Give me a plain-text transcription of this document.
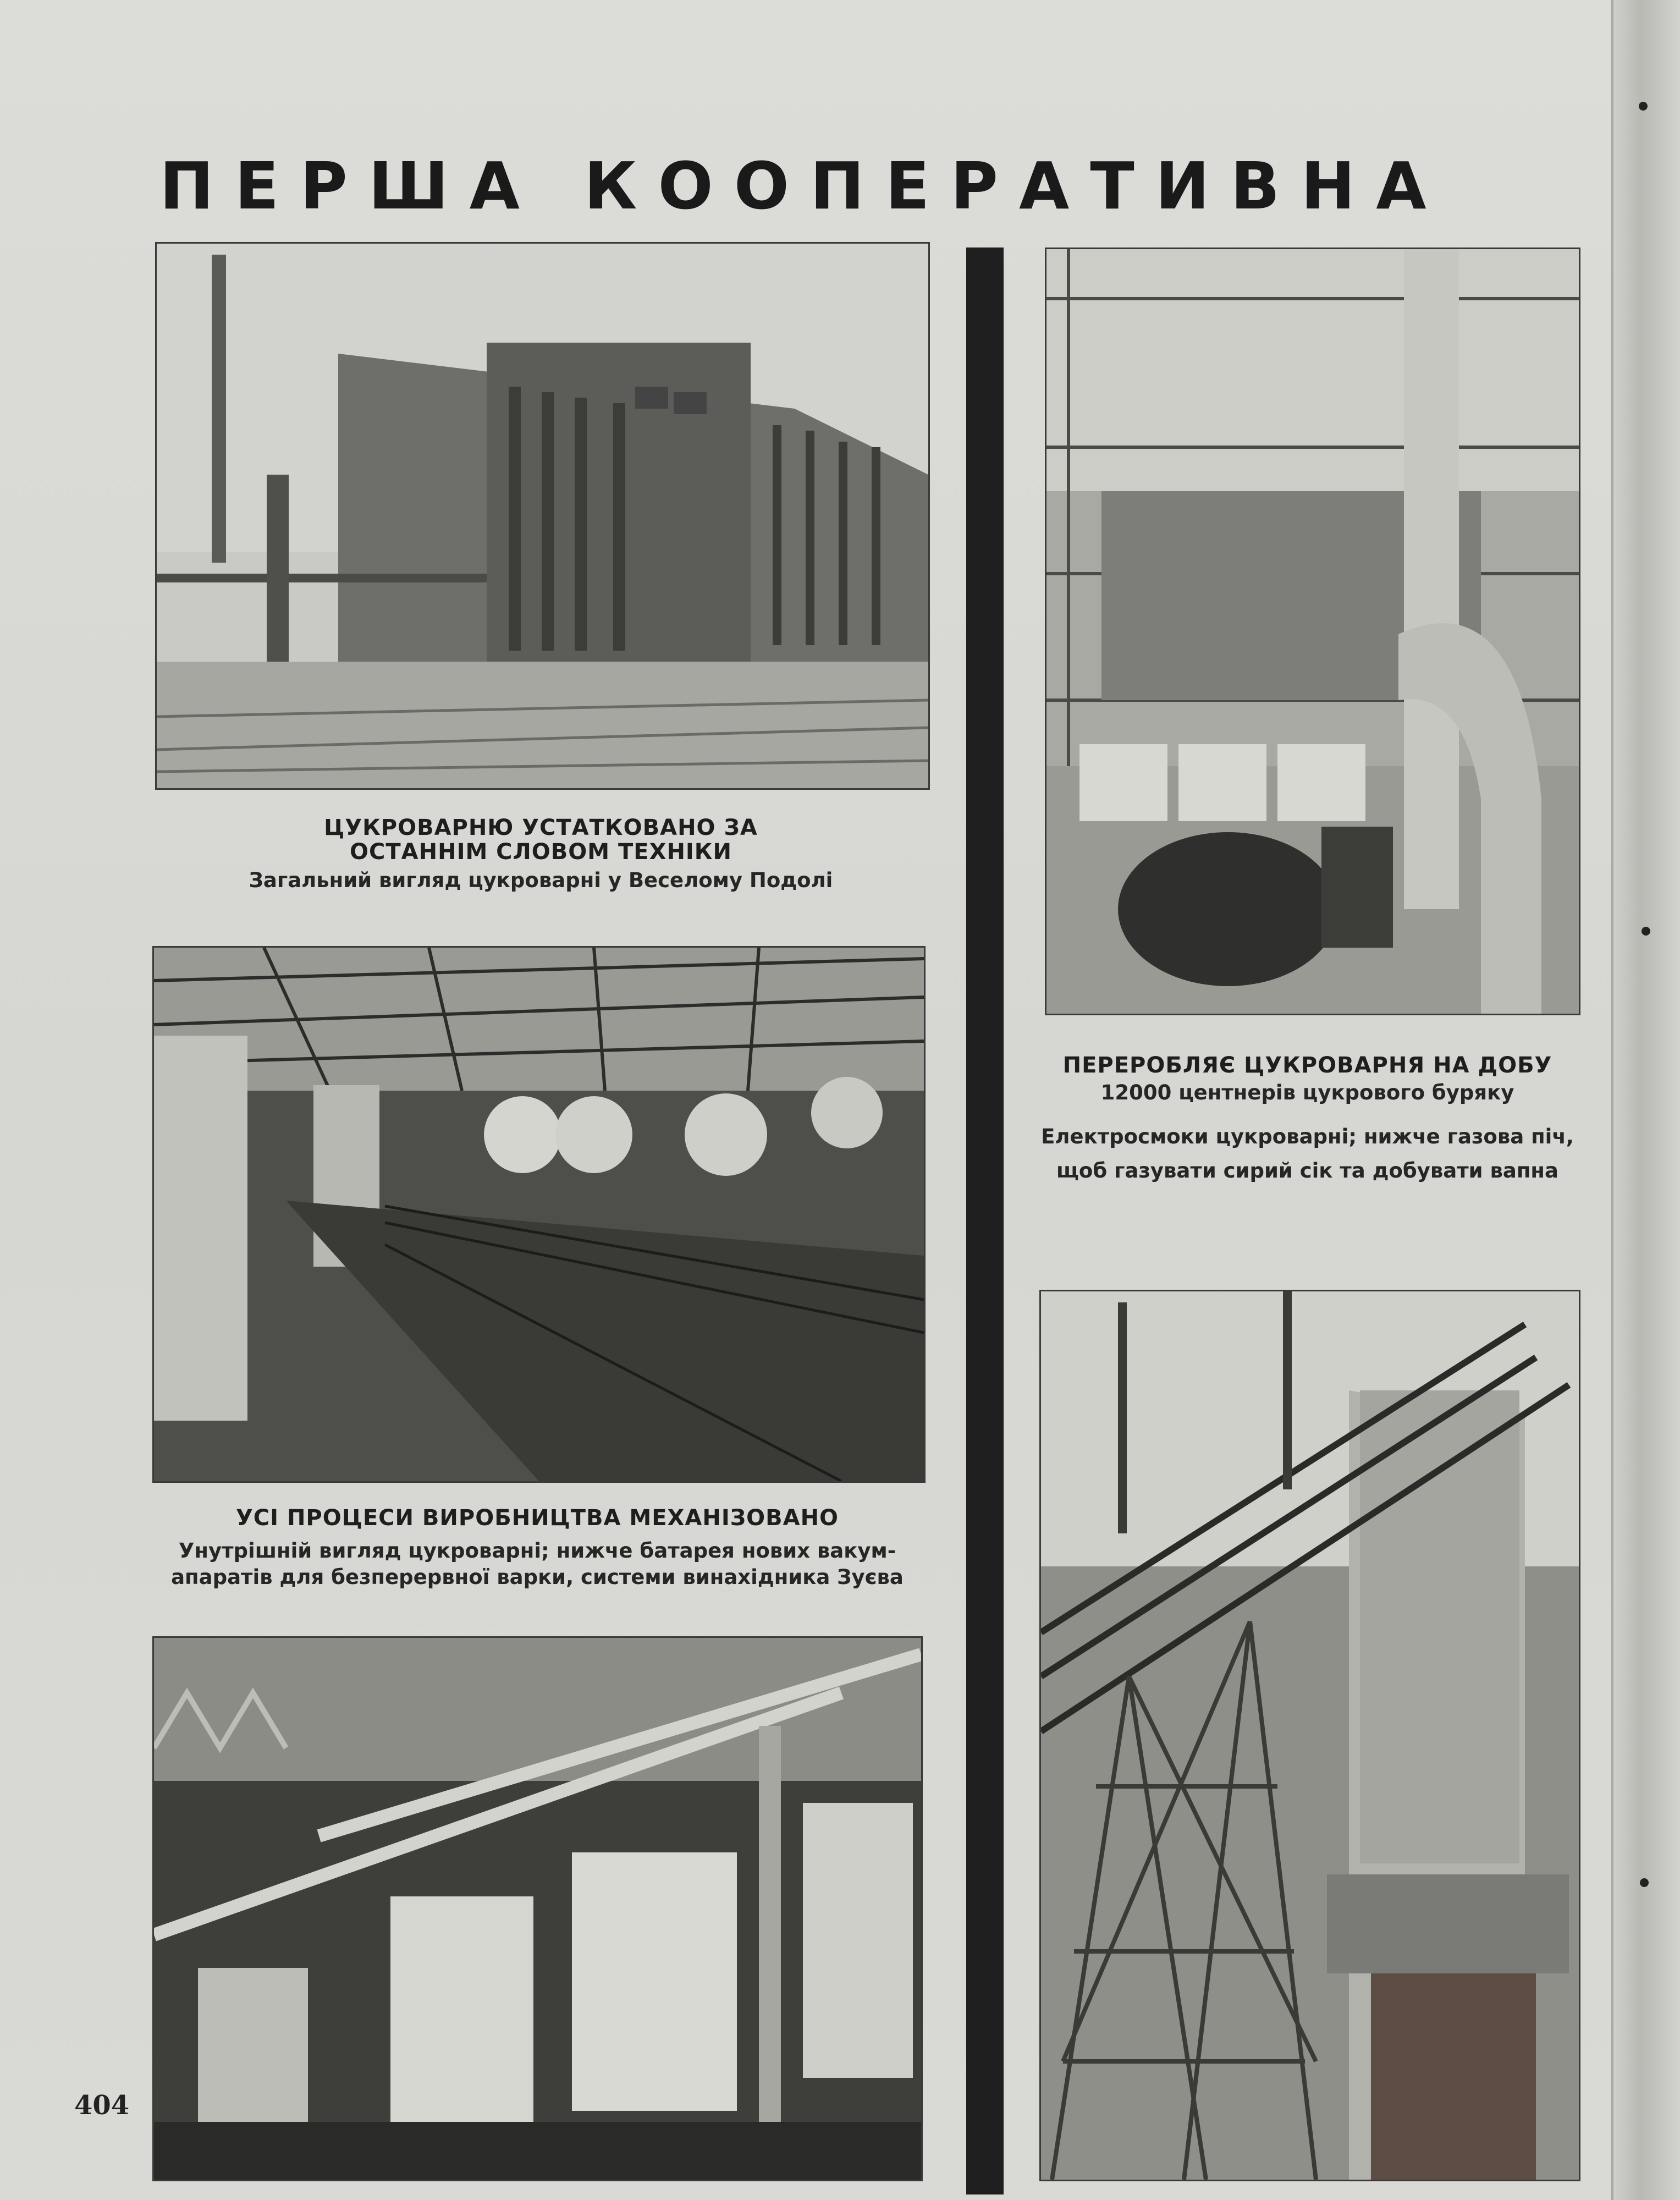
ПЕРША КООПЕРАТИВНА
ЦУКРОВАРНЮ УСТАТКОВАНО ЗА ОСТАННІМ СЛОВОМ ТЕХНІКИ
Загальний вигляд цукроварні у Веселому Подолі
УСІ ПРОЦЕСИ ВИРОБНИЦТВА МЕХАНІЗОВАНО
Унутрішній вигляд цукроварні; нижче батарея нових вакум-
апаратів для безперервної варки, системи винахідника Зуєва
ПЕРЕРОБЛЯЄ ЦУКРОВАРНЯ НА ДОБУ
12000 центнерів цукрового буряку
Електросмоки цукроварні; нижче газова піч,
щоб газувати сирий сік та добувати вапна
404
